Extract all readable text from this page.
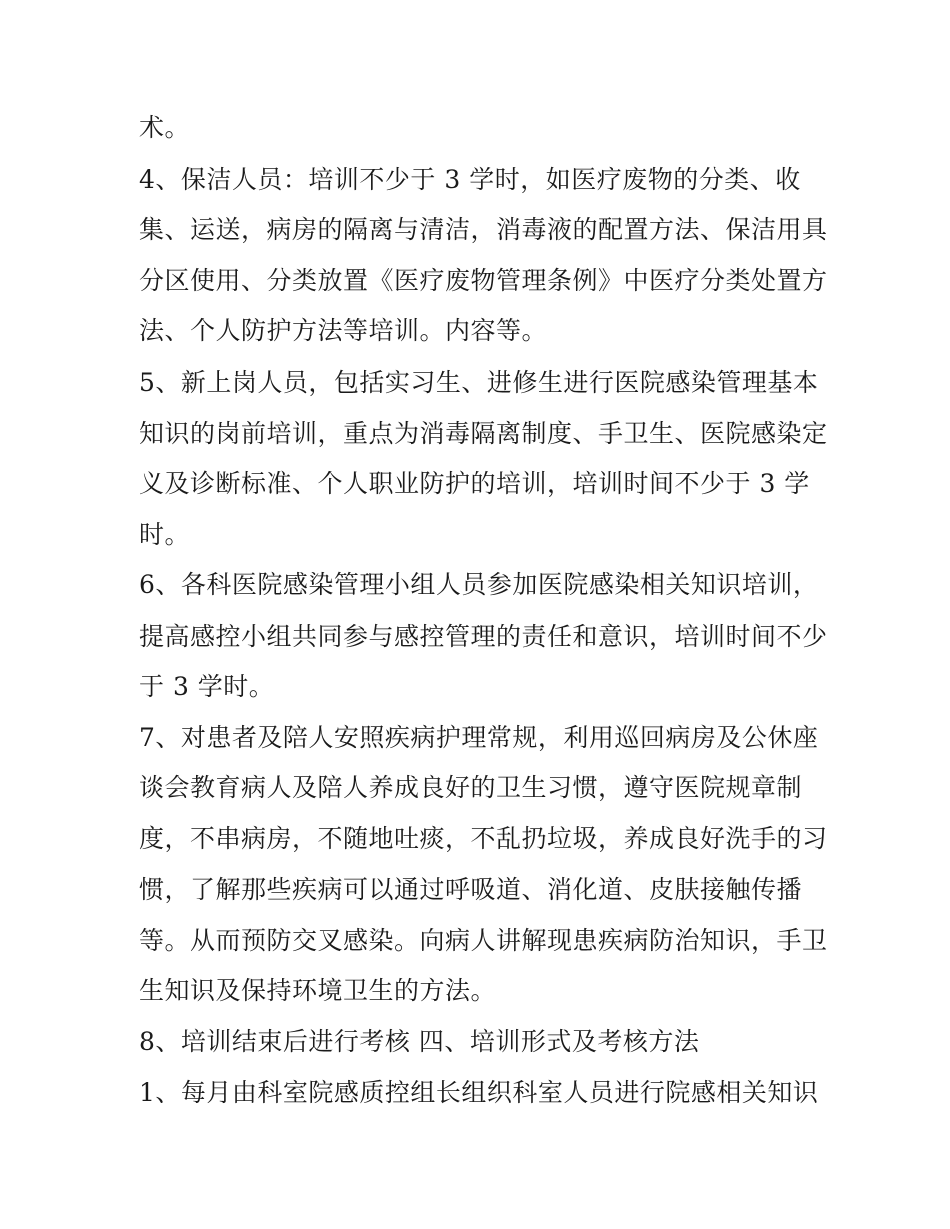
术。
4、保洁人员：培训不少于 3 学时，如医疗废物的分类、收
集、运送，病房的隔离与清洁，消毒液的配置方法、保洁用具
分区使用、分类放置《医疗废物管理条例》中医疗分类处置方
法、个人防护方法等培训。内容等。
5、新上岗人员，包括实习生、进修生进行医院感染管理基本
知识的岗前培训，重点为消毒隔离制度、手卫生、医院感染定
义及诊断标准、个人职业防护的培训，培训时间不少于 3 学
时。
6、各科医院感染管理小组人员参加医院感染相关知识培训，
提高感控小组共同参与感控管理的责任和意识，培训时间不少
于 3 学时。
7、对患者及陪人安照疾病护理常规，利用巡回病房及公休座
谈会教育病人及陪人养成良好的卫生习惯，遵守医院规章制
度，不串病房，不随地吐痰，不乱扔垃圾，养成良好洗手的习
惯，了解那些疾病可以通过呼吸道、消化道、皮肤接触传播
等。从而预防交叉感染。向病人讲解现患疾病防治知识，手卫
生知识及保持环境卫生的方法。
8、培训结束后进行考核 四、培训形式及考核方法
1、每月由科室院感质控组长组织科室人员进行院感相关知识
